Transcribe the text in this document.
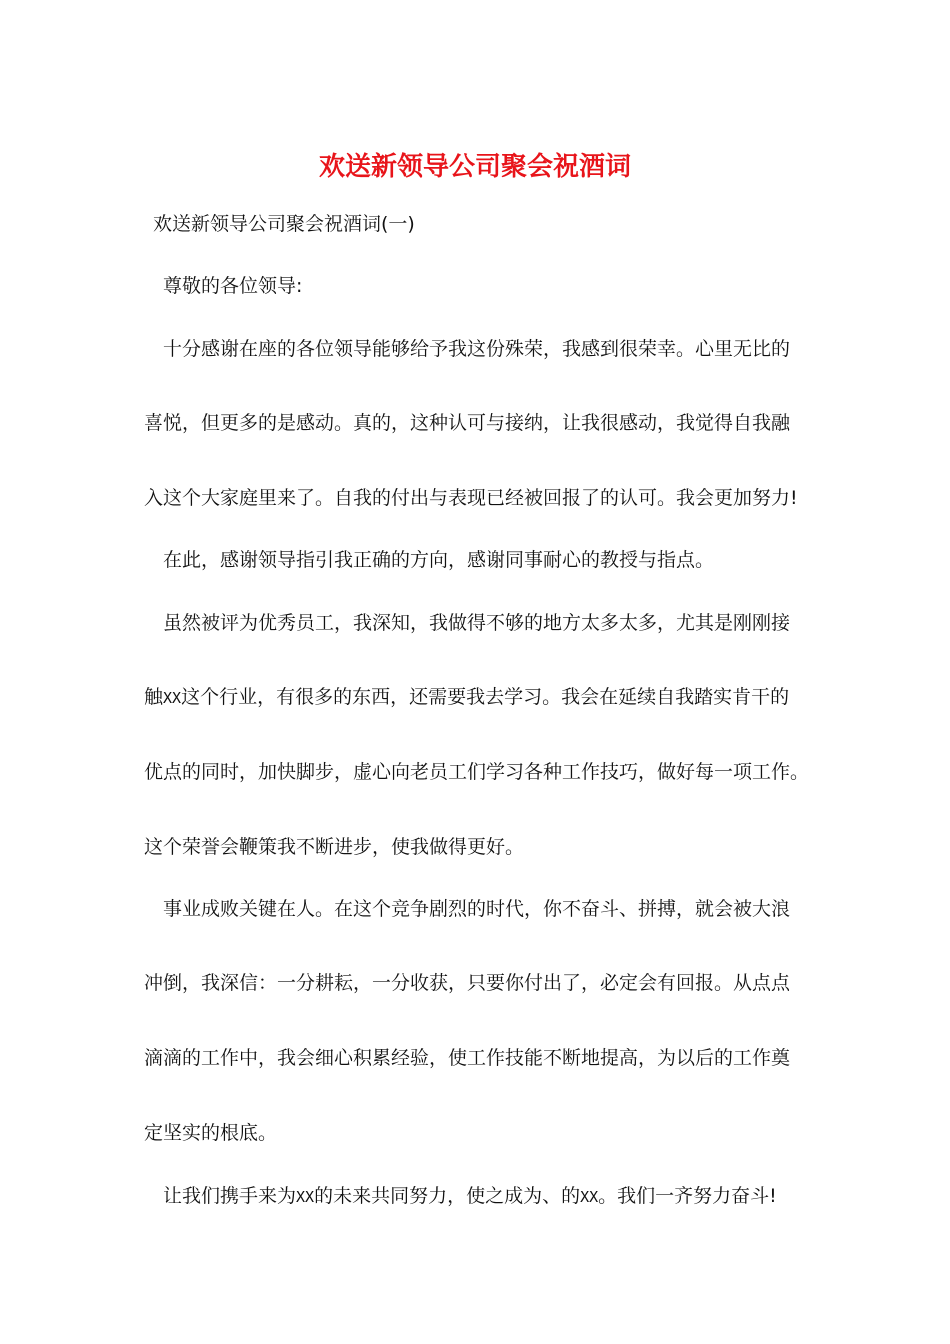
欢送新领导公司聚会祝酒词
欢送新领导公司聚会祝酒词(一)
尊敬的各位领导:
十分感谢在座的各位领导能够给予我这份殊荣，我感到很荣幸。心里无比的
喜悦，但更多的是感动。真的，这种认可与接纳，让我很感动，我觉得自我融
入这个大家庭里来了。自我的付出与表现已经被回报了的认可。我会更加努力!
在此，感谢领导指引我正确的方向，感谢同事耐心的教授与指点。
虽然被评为优秀员工，我深知，我做得不够的地方太多太多，尤其是刚刚接
触XX这个行业，有很多的东西，还需要我去学习。我会在延续自我踏实肯干的
优点的同时，加快脚步，虚心向老员工们学习各种工作技巧，做好每一项工作。
这个荣誉会鞭策我不断进步，使我做得更好。
事业成败关键在人。在这个竞争剧烈的时代，你不奋斗、拼搏，就会被大浪
冲倒，我深信：一分耕耘，一分收获，只要你付出了，必定会有回报。从点点
滴滴的工作中，我会细心积累经验，使工作技能不断地提高，为以后的工作奠
定坚实的根底。
让我们携手来为XX的未来共同努力，使之成为、的XX。我们一齐努力奋斗!
